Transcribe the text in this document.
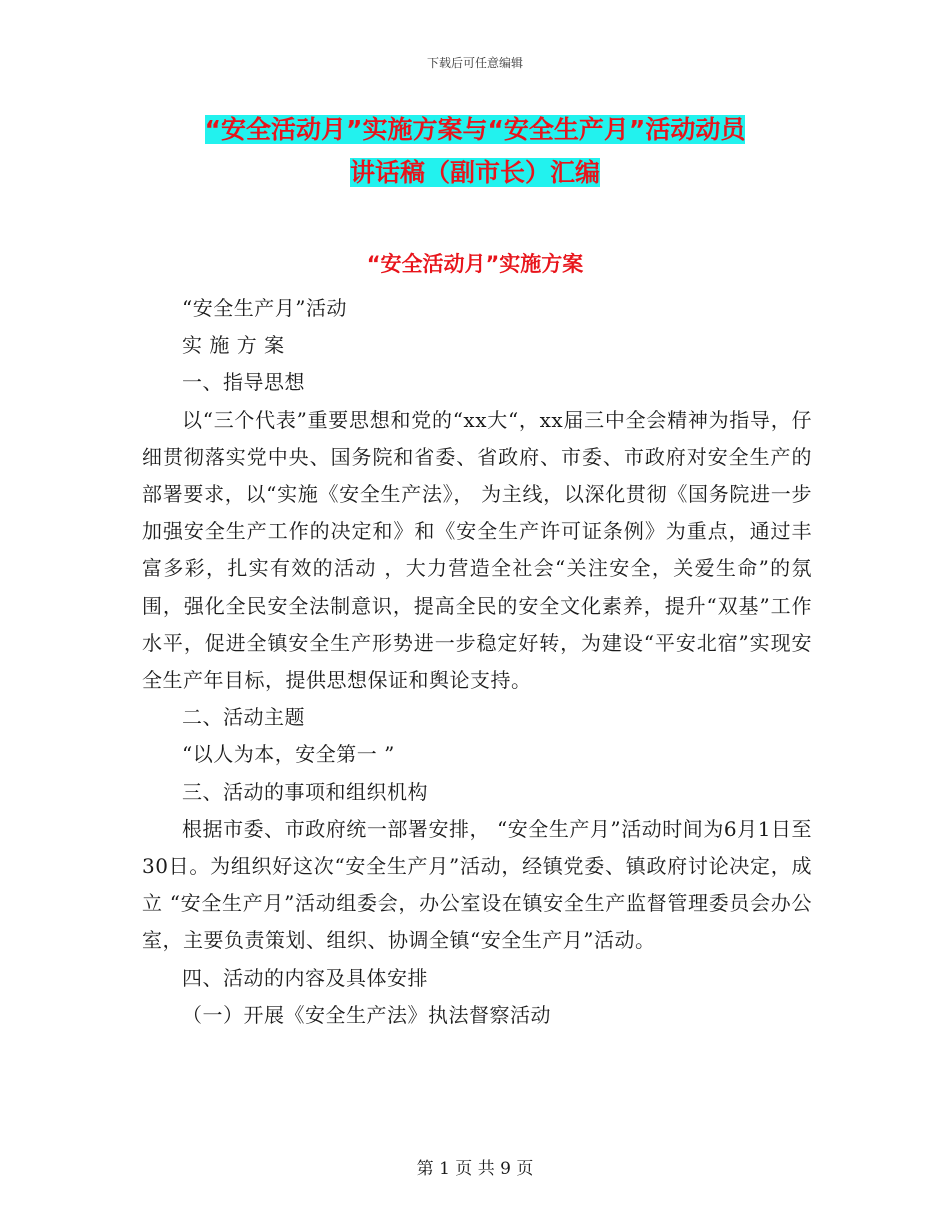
下载后可任意编辑
“安全活动月”实施方案与“安全生产月”活动动员
讲话稿（副市长）汇编
“安全活动月”实施方案

“安全生产月”活动

实 施 方 案

一、指导思想

以“三个代表”重要思想和党的“xx大“，xx届三中全会精神为指导，仔细贯彻落实党中央、国务院和省委、省政府、市委、市政府对安全生产的部署要求，以“实施《安全生产法》， 为主线，以深化贯彻《国务院进一步加强安全生产工作的决定和》和《安全生产许可证条例》为重点，通过丰富多彩，扎实有效的活动 ，大力营造全社会“关注安全，关爱生命”的氛围，强化全民安全法制意识，提高全民的安全文化素养，提升“双基”工作水平，促进全镇安全生产形势进一步稳定好转，为建设“平安北宿”实现安全生产年目标，提供思想保证和舆论支持。

二、活动主题

“以人为本，安全第一 ”

三、活动的事项和组织机构

根据市委、市政府统一部署安排， “安全生产月”活动时间为6月1日至30日。为组织好这次“安全生产月”活动，经镇党委、镇政府讨论决定，成立 “安全生产月”活动组委会，办公室设在镇安全生产监督管理委员会办公室，主要负责策划、组织、协调全镇“安全生产月”活动。

四、活动的内容及具体安排

（一）开展《安全生产法》执法督察活动

第 1 页 共 9 页
